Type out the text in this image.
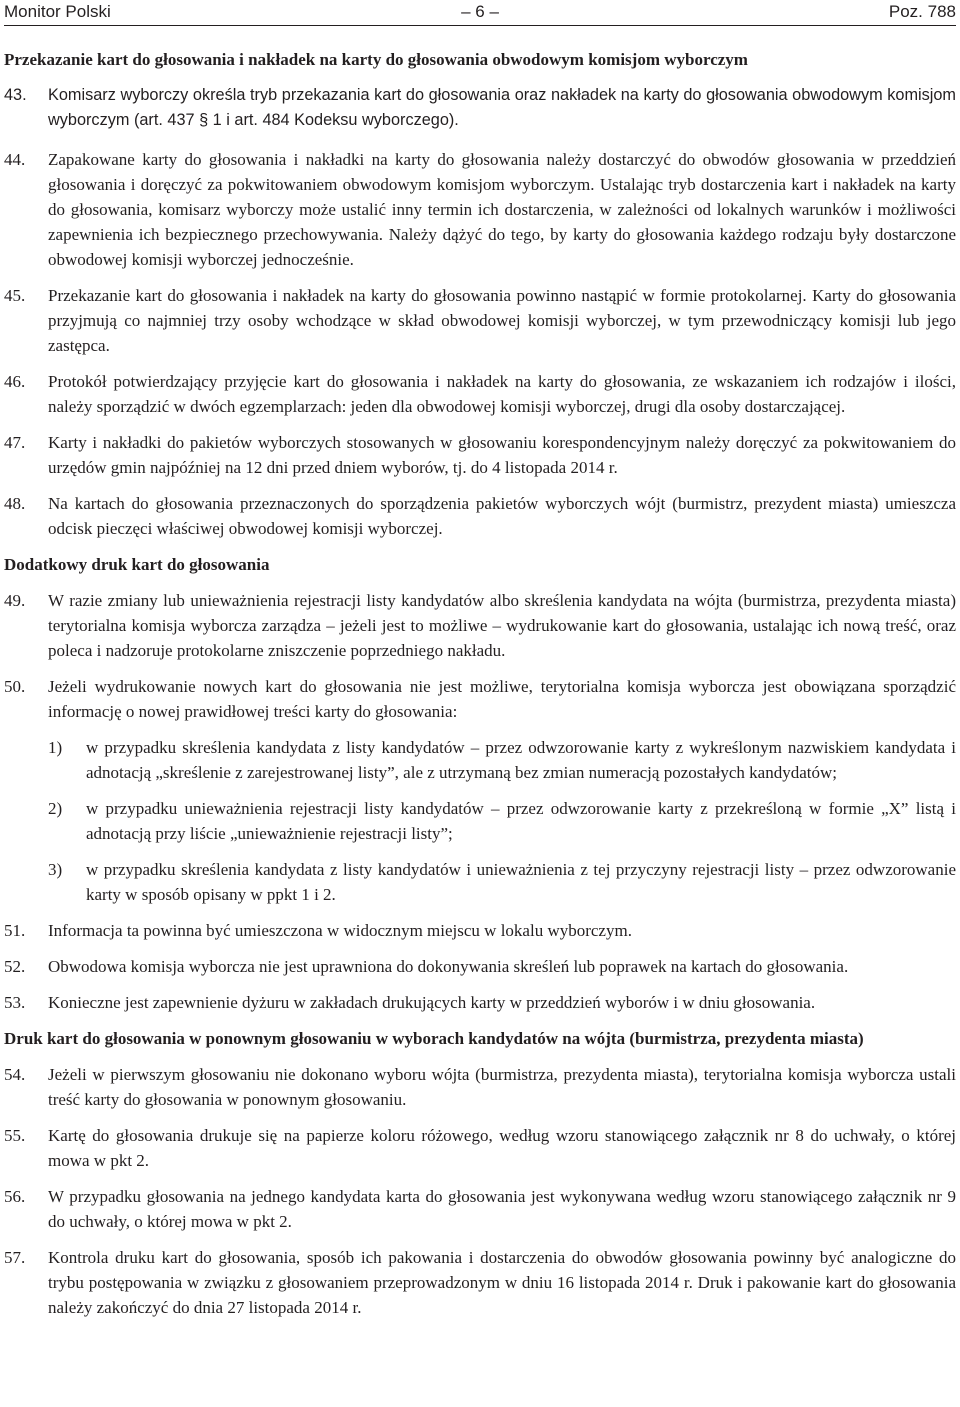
Monitor Polski	– 6 –	Poz. 788

Przekazanie kart do głosowania i nakładek na karty do głosowania obwodowym komisjom wyborczym

43. Komisarz wyborczy określa tryb przekazania kart do głosowania oraz nakładek na karty do głosowania obwodowym komisjom wyborczym (art. 437 § 1 i art. 484 Kodeksu wyborczego).

44. Zapakowane karty do głosowania i nakładki na karty do głosowania należy dostarczyć do obwodów głosowania w przeddzień głosowania i doręczyć za pokwitowaniem obwodowym komisjom wyborczym. Ustalając tryb dostarczenia kart i nakładek na karty do głosowania, komisarz wyborczy może ustalić inny termin ich dostarczenia, w zależności od lokalnych warunków i możliwości zapewnienia ich bezpiecznego przechowywania. Należy dążyć do tego, by karty do głosowania każdego rodzaju były dostarczone obwodowej komisji wyborczej jednocześnie.

45. Przekazanie kart do głosowania i nakładek na karty do głosowania powinno nastąpić w formie protokolarnej. Karty do głosowania przyjmują co najmniej trzy osoby wchodzące w skład obwodowej komisji wyborczej, w tym przewodniczący komisji lub jego zastępca.

46. Protokół potwierdzający przyjęcie kart do głosowania i nakładek na karty do głosowania, ze wskazaniem ich rodzajów i ilości, należy sporządzić w dwóch egzemplarzach: jeden dla obwodowej komisji wyborczej, drugi dla osoby dostarczającej.

47. Karty i nakładki do pakietów wyborczych stosowanych w głosowaniu korespondencyjnym należy doręczyć za pokwitowaniem do urzędów gmin najpóźniej na 12 dni przed dniem wyborów, tj. do 4 listopada 2014 r.

48. Na kartach do głosowania przeznaczonych do sporządzenia pakietów wyborczych wójt (burmistrz, prezydent miasta) umieszcza odcisk pieczęci właściwej obwodowej komisji wyborczej.

Dodatkowy druk kart do głosowania

49. W razie zmiany lub unieważnienia rejestracji listy kandydatów albo skreślenia kandydata na wójta (burmistrza, prezydenta miasta) terytorialna komisja wyborcza zarządza – jeżeli jest to możliwe – wydrukowanie kart do głosowania, ustalając ich nową treść, oraz poleca i nadzoruje protokolarne zniszczenie poprzedniego nakładu.

50. Jeżeli wydrukowanie nowych kart do głosowania nie jest możliwe, terytorialna komisja wyborcza jest obowiązana sporządzić informację o nowej prawidłowej treści karty do głosowania:

1) w przypadku skreślenia kandydata z listy kandydatów – przez odwzorowanie karty z wykreślonym nazwiskiem kandydata i adnotacją „skreślenie z zarejestrowanej listy”, ale z utrzymaną bez zmian numeracją pozostałych kandydatów;

2) w przypadku unieważnienia rejestracji listy kandydatów – przez odwzorowanie karty z przekreśloną w formie „X” listą i adnotacją przy liście „unieważnienie rejestracji listy”;

3) w przypadku skreślenia kandydata z listy kandydatów i unieważnienia z tej przyczyny rejestracji listy – przez odwzorowanie karty w sposób opisany w ppkt 1 i 2.

51. Informacja ta powinna być umieszczona w widocznym miejscu w lokalu wyborczym.

52. Obwodowa komisja wyborcza nie jest uprawniona do dokonywania skreśleń lub poprawek na kartach do głosowania.

53. Konieczne jest zapewnienie dyżuru w zakładach drukujących karty w przeddzień wyborów i w dniu głosowania.

Druk kart do głosowania w ponownym głosowaniu w wyborach kandydatów na wójta (burmistrza, prezydenta miasta)

54. Jeżeli w pierwszym głosowaniu nie dokonano wyboru wójta (burmistrza, prezydenta miasta), terytorialna komisja wyborcza ustali treść karty do głosowania w ponownym głosowaniu.

55. Kartę do głosowania drukuje się na papierze koloru różowego, według wzoru stanowiącego załącznik nr 8 do uchwały, o której mowa w pkt 2.

56. W przypadku głosowania na jednego kandydata karta do głosowania jest wykonywana według wzoru stanowiącego załącznik nr 9 do uchwały, o której mowa w pkt 2.

57. Kontrola druku kart do głosowania, sposób ich pakowania i dostarczenia do obwodów głosowania powinny być analogiczne do trybu postępowania w związku z głosowaniem przeprowadzonym w dniu 16 listopada 2014 r. Druk i pakowanie kart do głosowania należy zakończyć do dnia 27 listopada 2014 r.
